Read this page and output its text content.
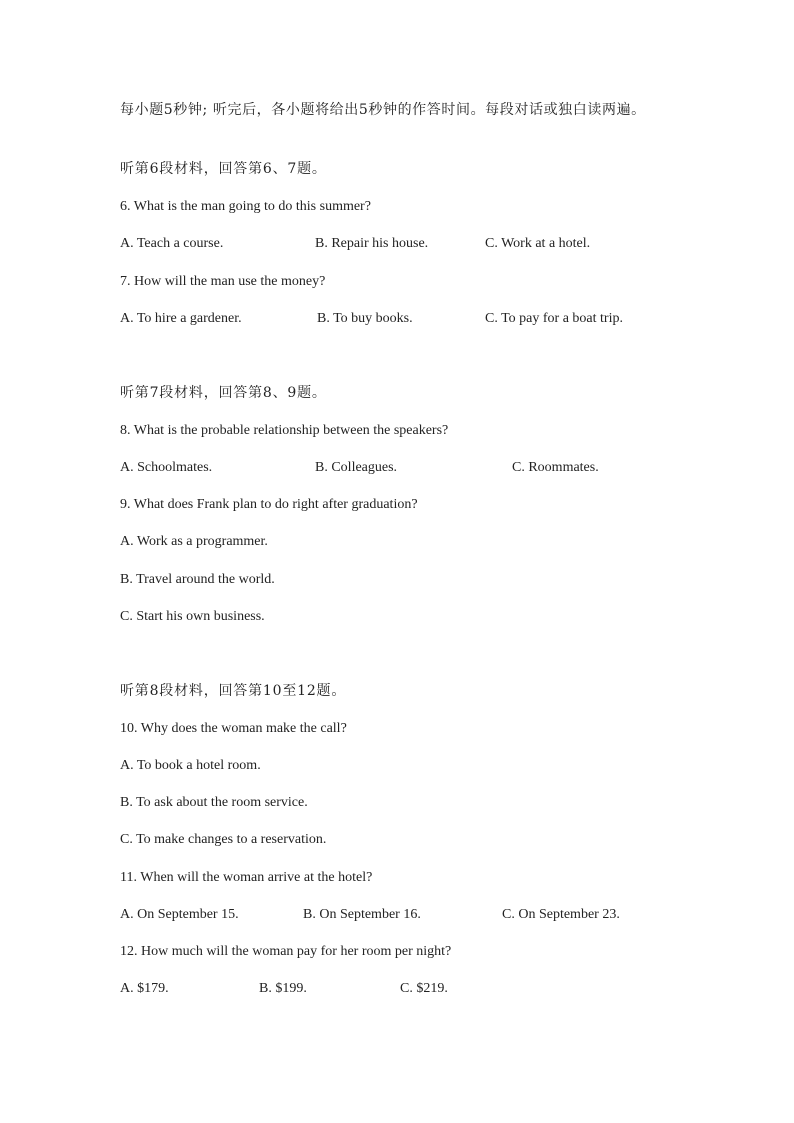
每小题5秒钟; 听完后，各小题将给出5秒钟的作答时间。每段对话或独白读两遍。
听第6段材料，回答第6、7题。
6. What is the man going to do this summer?
A. Teach a course.	B. Repair his house.	C. Work at a hotel.
7. How will the man use the money?
A. To hire a gardener.	B. To buy books.	C. To pay for a boat trip.
听第7段材料，回答第8、9题。
8. What is the probable relationship between the speakers?
A. Schoolmates.	B. Colleagues.	C. Roommates.
9. What does Frank plan to do right after graduation?
A. Work as a programmer.
B. Travel around the world.
C. Start his own business.
听第8段材料，回答第10至12题。
10. Why does the woman make the call?
A. To book a hotel room.
B. To ask about the room service.
C. To make changes to a reservation.
11. When will the woman arrive at the hotel?
A. On September 15.	B. On September 16.	C. On September 23.
12. How much will the woman pay for her room per night?
A. $179.	B. $199.	C. $219.
